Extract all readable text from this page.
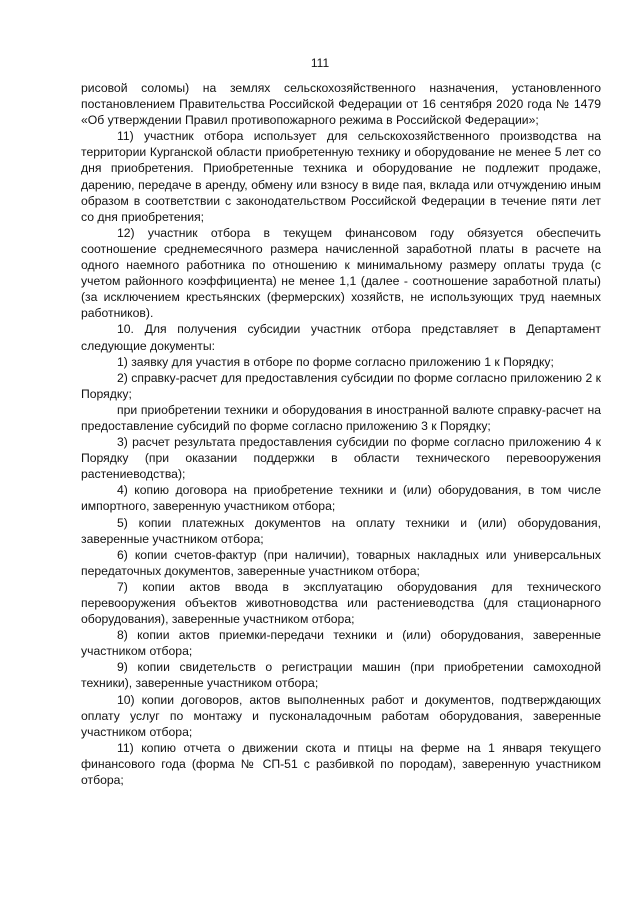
111

рисовой соломы) на землях сельскохозяйственного назначения, установленного постановлением Правительства Российской Федерации от 16 сентября 2020 года № 1479 «Об утверждении Правил противопожарного режима в Российской Федерации»;

11) участник отбора использует для сельскохозяйственного производства на территории Курганской области приобретенную технику и оборудование не менее 5 лет со дня приобретения. Приобретенные техника и оборудование не подлежит продаже, дарению, передаче в аренду, обмену или взносу в виде пая, вклада или отчуждению иным образом в соответствии с законодательством Российской Федерации в течение пяти лет со дня приобретения;

12) участник отбора в текущем финансовом году обязуется обеспечить соотношение среднемесячного размера начисленной заработной платы в расчете на одного наемного работника по отношению к минимальному размеру оплаты труда (с учетом районного коэффициента) не менее 1,1 (далее - соотношение заработной платы) (за исключением крестьянских (фермерских) хозяйств, не использующих труд наемных работников).

10. Для получения субсидии участник отбора представляет в Департамент следующие документы:

1) заявку для участия в отборе по форме согласно приложению 1 к Порядку;

2) справку-расчет для предоставления субсидии по форме согласно приложению 2 к Порядку;

при приобретении техники и оборудования в иностранной валюте справку-расчет на предоставление субсидий по форме согласно приложению 3 к Порядку;

3) расчет результата предоставления субсидии по форме согласно приложению 4 к Порядку (при оказании поддержки в области технического перевооружения растениеводства);

4) копию договора на приобретение техники и (или) оборудования, в том числе импортного, заверенную участником отбора;

5) копии платежных документов на оплату техники и (или) оборудования, заверенные участником отбора;

6) копии счетов-фактур (при наличии), товарных накладных или универсальных передаточных документов, заверенные участником отбора;

7) копии актов ввода в эксплуатацию оборудования для технического перевооружения объектов животноводства или растениеводства (для стационарного оборудования), заверенные участником отбора;

8) копии актов приемки-передачи техники и (или) оборудования, заверенные участником отбора;

9) копии свидетельств о регистрации машин (при приобретении самоходной техники), заверенные участником отбора;

10) копии договоров, актов выполненных работ и документов, подтверждающих оплату услуг по монтажу и пусконаладочным работам оборудования, заверенные участником отбора;

11) копию отчета о движении скота и птицы на ферме на 1 января текущего финансового года (форма № СП-51 с разбивкой по породам), заверенную участником отбора;
